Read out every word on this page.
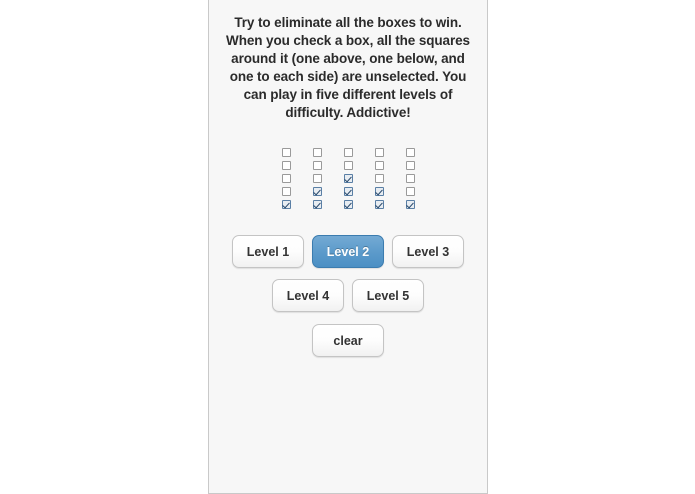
Try to eliminate all the boxes to win. When you check a box, all the squares around it (one above, one below, and one to each side) are unselected. You can play in five different levels of difficulty. Addictive!

Level 1	Level 2	Level 3
Level 4	Level 5
clear
